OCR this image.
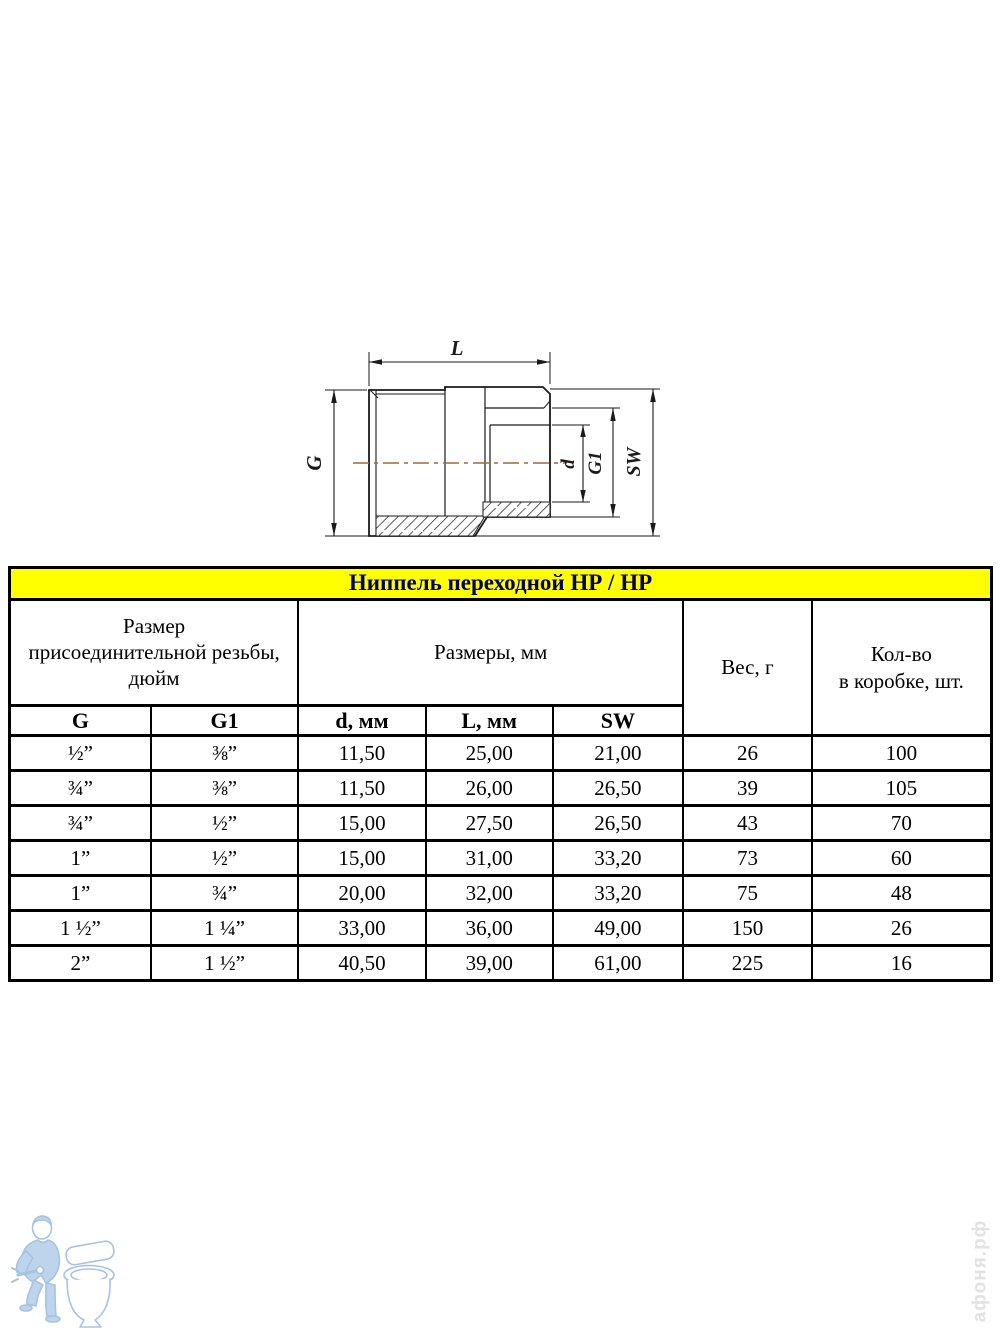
L
G	d G1 SW
Ниппель переходной НР / НР						

Размер
присоединительной резьбы,
дюйм		Размеры, мм			Вес, г	Кол-во
в коробке, шт.

G	G1	d, мм	L, мм	SW		
½”	⅜”	11,50	25,00	21,00	26	100
¾”	⅜”	11,50	26,00	26,50	39	105
¾”	½”	15,00	27,50	26,50	43	70
1”	½”	15,00	31,00	33,20	73	60
1”	¾”	20,00	32,00	33,20	75	48
1 ½”	1 ¼”	33,00	36,00	49,00	150	26
2”	1 ½”	40,50	39,00	61,00	225	16
афоня.рф
